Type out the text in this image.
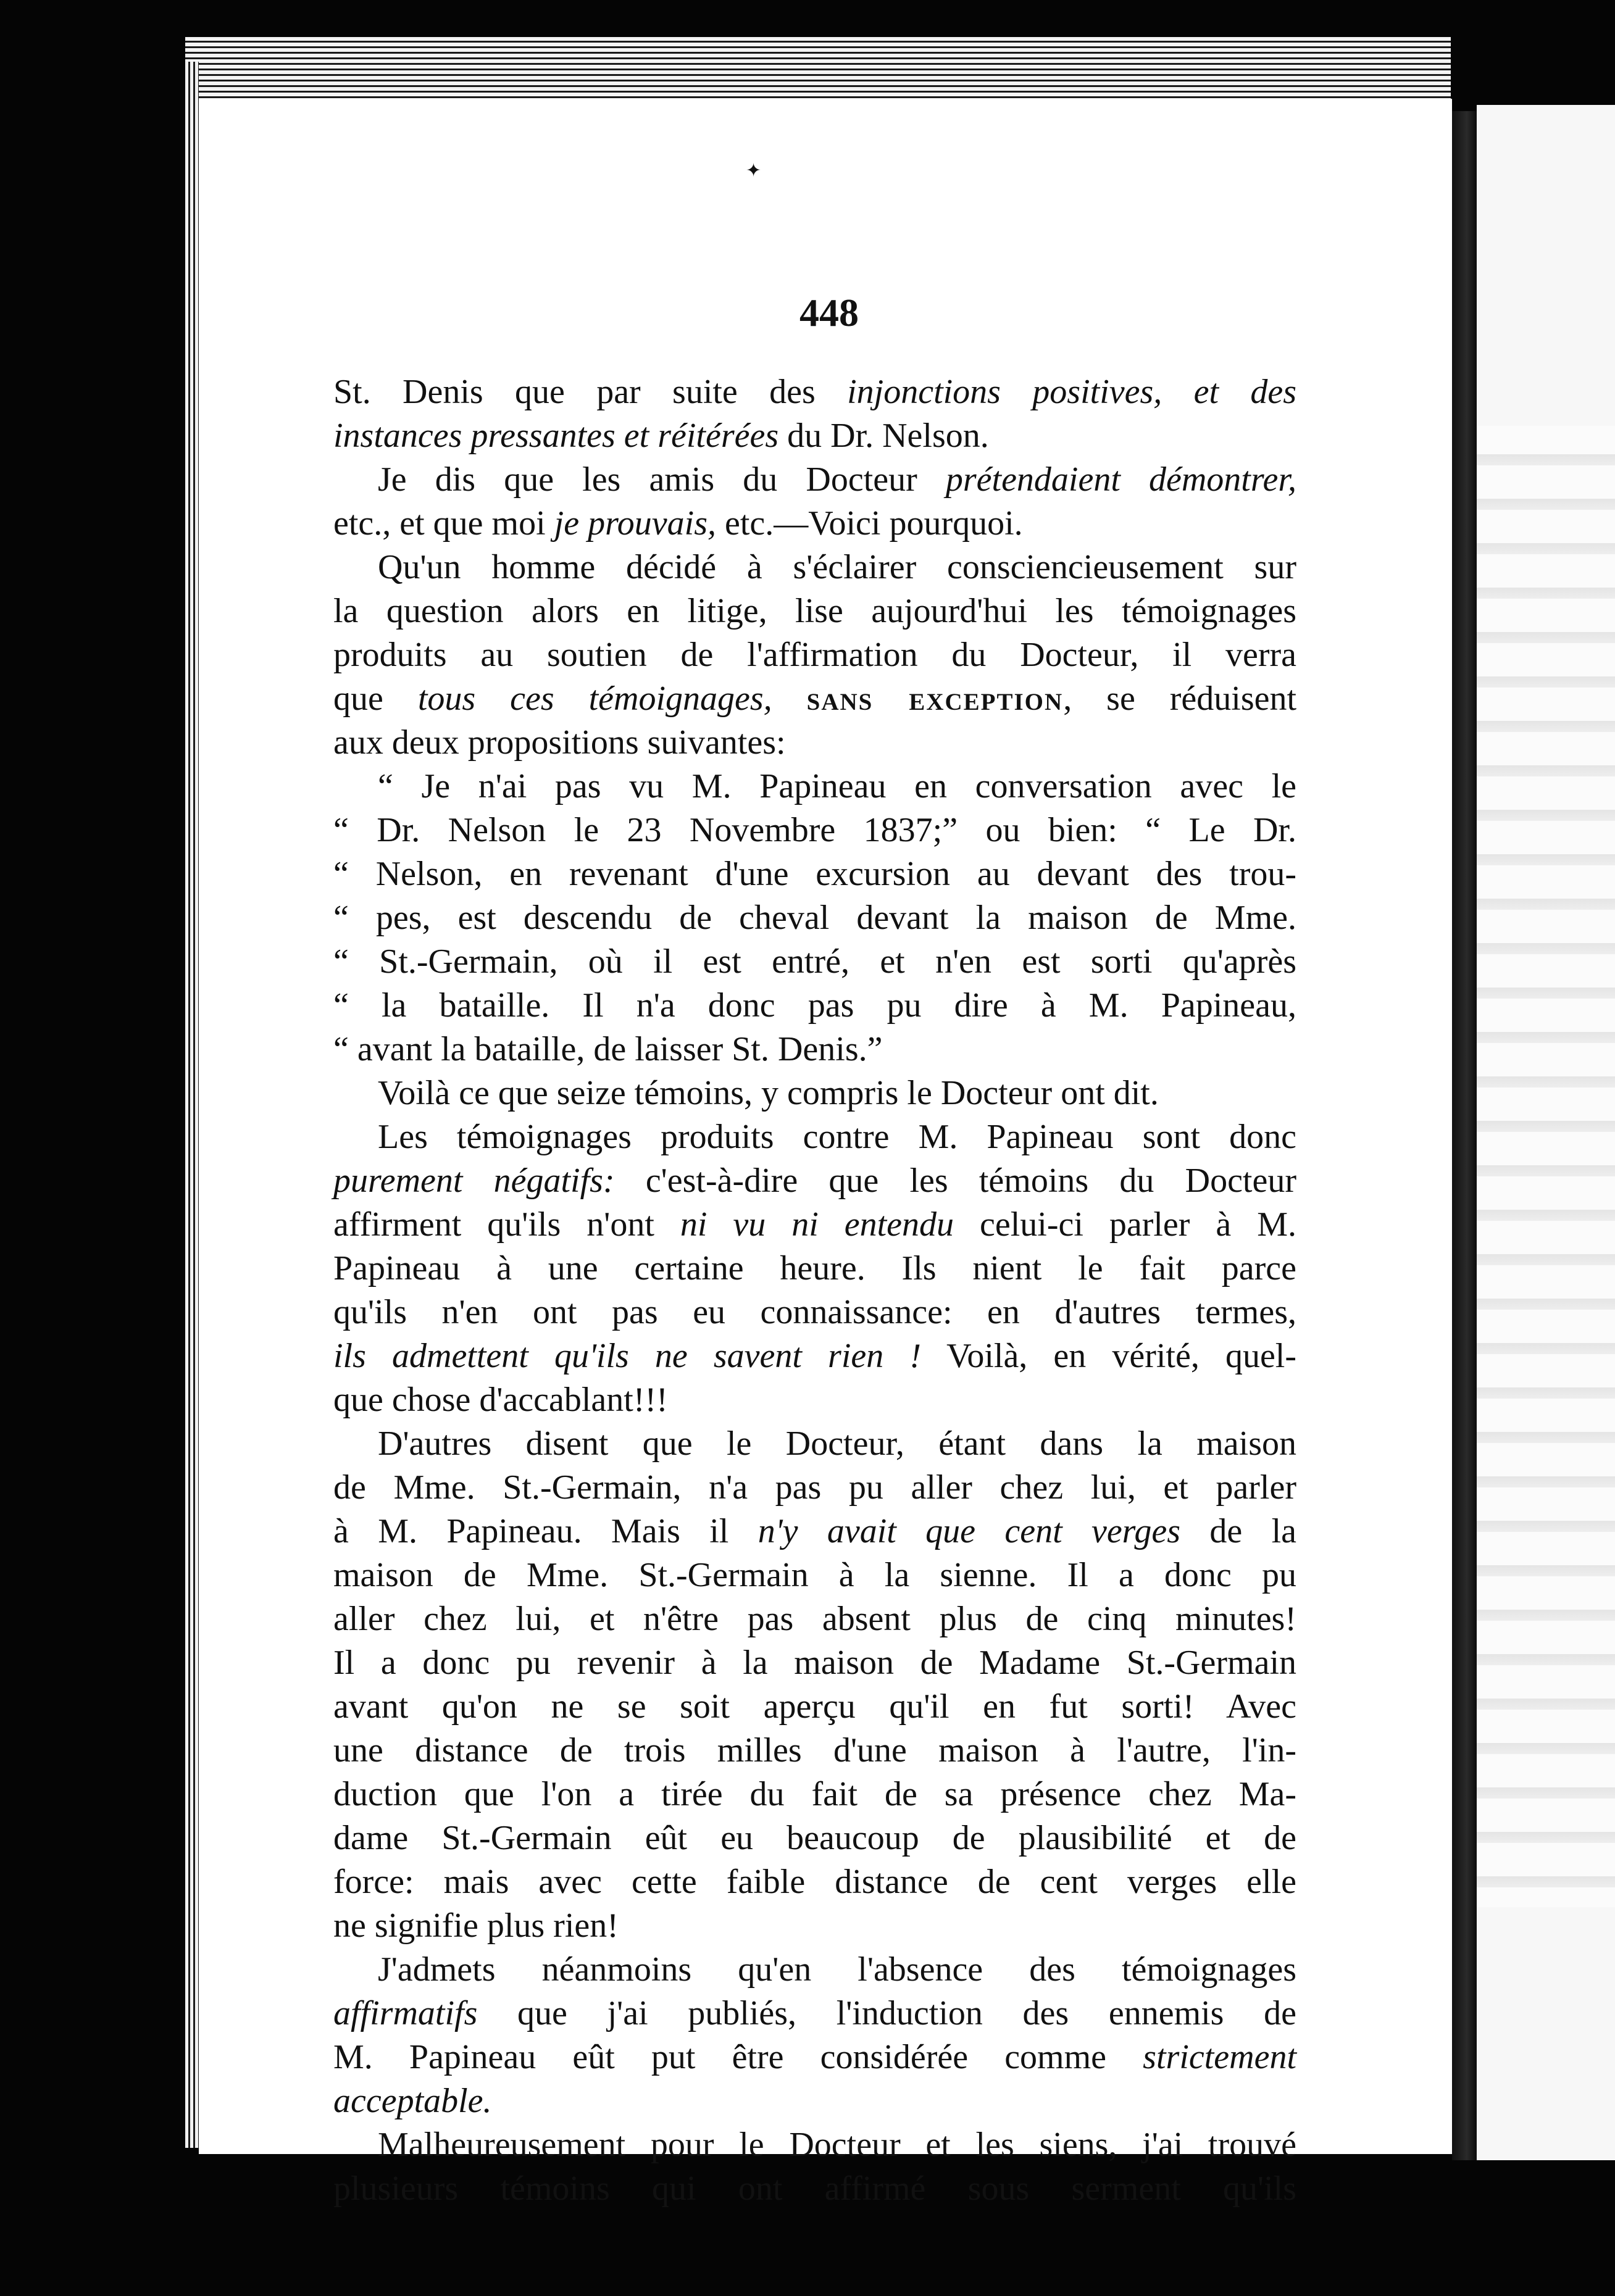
✦
448
St. Denis que par suite des injonctions positives, et des
instances pressantes et réitérées du Dr. Nelson.
Je dis que les amis du Docteur prétendaient démontrer,
etc., et que moi je prouvais, etc.—Voici pourquoi.
Qu'un homme décidé à s'éclairer consciencieusement sur
la question alors en litige, lise aujourd'hui les témoignages
produits au soutien de l'affirmation du Docteur, il verra
que tous ces témoignages, sans exception, se réduisent
aux deux propositions suivantes:
“ Je n'ai pas vu M. Papineau en conversation avec le
“ Dr. Nelson le 23 Novembre 1837;” ou bien: “ Le Dr.
“ Nelson, en revenant d'une excursion au devant des trou-
“ pes, est descendu de cheval devant la maison de Mme.
“ St.-Germain, où il est entré, et n'en est sorti qu'après
“ la bataille. Il n'a donc pas pu dire à M. Papineau,
“ avant la bataille, de laisser St. Denis.”
Voilà ce que seize témoins, y compris le Docteur ont dit.
Les témoignages produits contre M. Papineau sont donc
purement négatifs: c'est-à-dire que les témoins du Docteur
affirment qu'ils n'ont ni vu ni entendu celui-ci parler à M.
Papineau à une certaine heure. Ils nient le fait parce
qu'ils n'en ont pas eu connaissance: en d'autres termes,
ils admettent qu'ils ne savent rien ! Voilà, en vérité, quel-
que chose d'accablant!!!
D'autres disent que le Docteur, étant dans la maison
de Mme. St.-Germain, n'a pas pu aller chez lui, et parler
à M. Papineau. Mais il n'y avait que cent verges de la
maison de Mme. St.-Germain à la sienne. Il a donc pu
aller chez lui, et n'être pas absent plus de cinq minutes!
Il a donc pu revenir à la maison de Madame St.-Germain
avant qu'on ne se soit aperçu qu'il en fut sorti! Avec
une distance de trois milles d'une maison à l'autre, l'in-
duction que l'on a tirée du fait de sa présence chez Ma-
dame St.-Germain eût eu beaucoup de plausibilité et de
force: mais avec cette faible distance de cent verges elle
ne signifie plus rien!
J'admets néanmoins qu'en l'absence des témoignages
affirmatifs que j'ai publiés, l'induction des ennemis de
M. Papineau eût put être considérée comme strictement
acceptable.
Malheureusement pour le Docteur et les siens, j'ai trouvé
plusieurs témoins qui ont affirmé sous serment qu'ils
